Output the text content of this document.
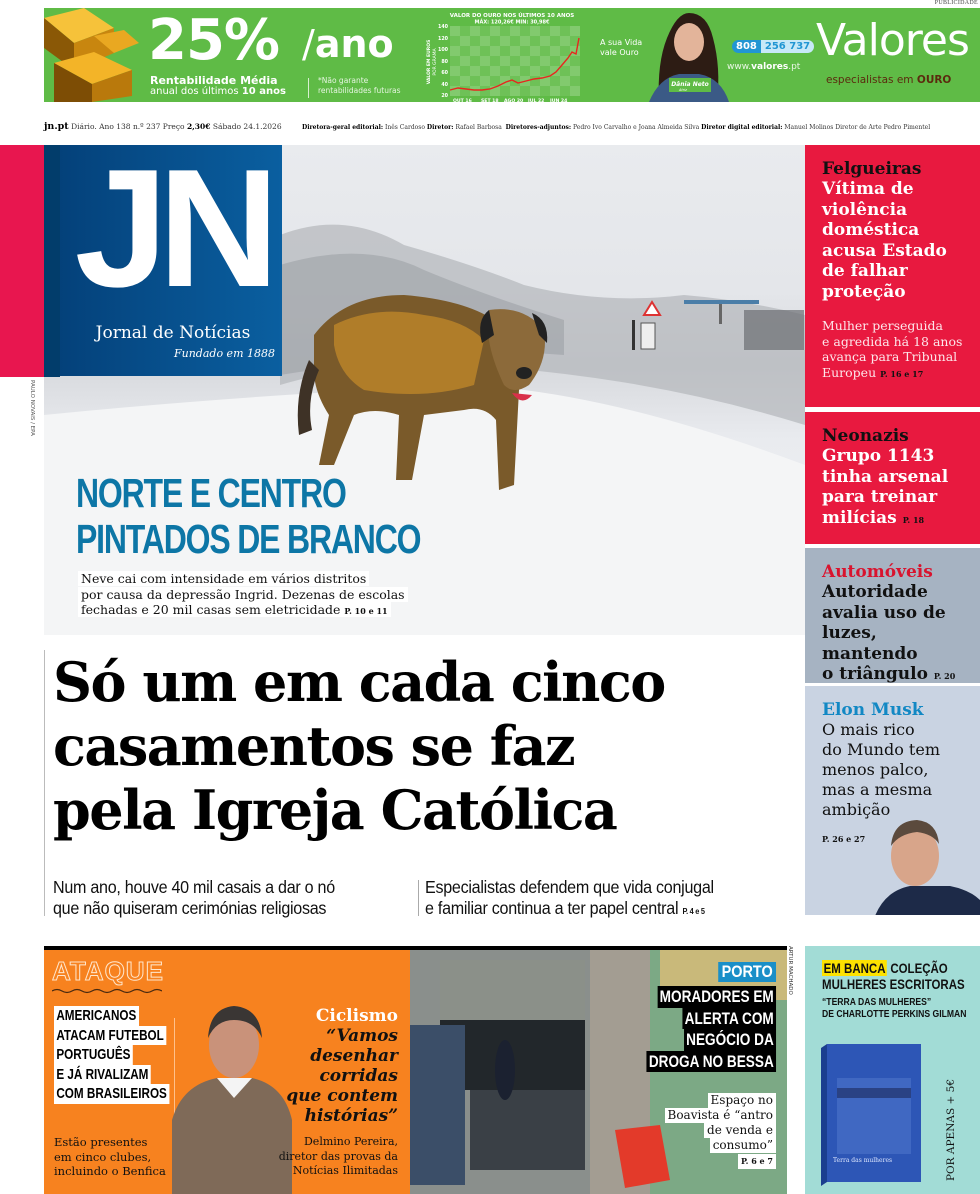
PUBLICIDADE
25% /ano
Rentabilidade Média
anual dos últimos 10 anos
*Não garante
rentabilidades futuras
VALOR DO OURO NOS ÚLTIMOS 10 ANOS
MÁX: 120,26€ MIN: 30,98€
140
120
100
80
60
40
20
VALOR EM EUROS POR GRAMA
OUT 16 SET 18 AGO 20 JUL 22 JUN 24
A sua Vida
vale Ouro
Dânia Neto
Atriz
808 256 737
www.valores.pt
Valores
especialistas em OURO
jn.pt Diário. Ano 138 n.º 237 Preço 2,30€ Sábado 24.1.2026	Diretora-geral editorial: Inês Cardoso Diretor: Rafael Barbosa Diretores-adjuntos: Pedro Ivo Carvalho e Joana Almeida Silva Diretor digital editorial: Manuel Molinos Diretor de Arte Pedro Pimentel
PAULO NOVAIS / EPA
JN
Jornal de Notícias
Fundado em 1888
NORTE E CENTRO
PINTADOS DE BRANCO
Neve cai com intensidade em vários distritos
por causa da depressão Ingrid. Dezenas de escolas
fechadas e 20 mil casas sem eletricidade P. 10 e 11
Felgueiras
Vítima de
violência
doméstica
acusa Estado
de falhar
proteção
Mulher perseguida
e agredida há 18 anos
avança para Tribunal
Europeu P. 16 e 17
Neonazis
Grupo 1143
tinha arsenal
para treinar
milícias P. 18
Automóveis
Autoridade
avalia uso de
luzes, mantendo
o triângulo P. 20
Elon Musk
O mais rico
do Mundo tem
menos palco,
mas a mesma
ambição
P. 26 e 27
Só um em cada cinco
casamentos se faz
pela Igreja Católica
Num ano, houve 40 mil casais a dar o nó
que não quiseram cerimónias religiosas
Especialistas defendem que vida conjugal
e familiar continua a ter papel central P. 4 e 5
ATAQUE
AMERICANOS
ATACAM FUTEBOL
PORTUGUÊS
E JÁ RIVALIZAM
COM BRASILEIROS
Estão presentes
em cinco clubes,
incluindo o Benfica
Ciclismo
“Vamos
desenhar
corridas
que contem
histórias”
Delmino Pereira,
diretor das provas da
Notícias Ilimitadas
PORTO
MORADORES EM
ALERTA COM
NEGÓCIO DA
DROGA NO BESSA
Espaço no
Boavista é “antro
de venda e
consumo”
P. 6 e 7
ARTUR MACHADO EM BANCA COLEÇÃO
MULHERES ESCRITORAS
“TERRA DAS MULHERES”
DE CHARLOTTE PERKINS GILMAN
Terra das mulheres	POR APENAS + 5€
